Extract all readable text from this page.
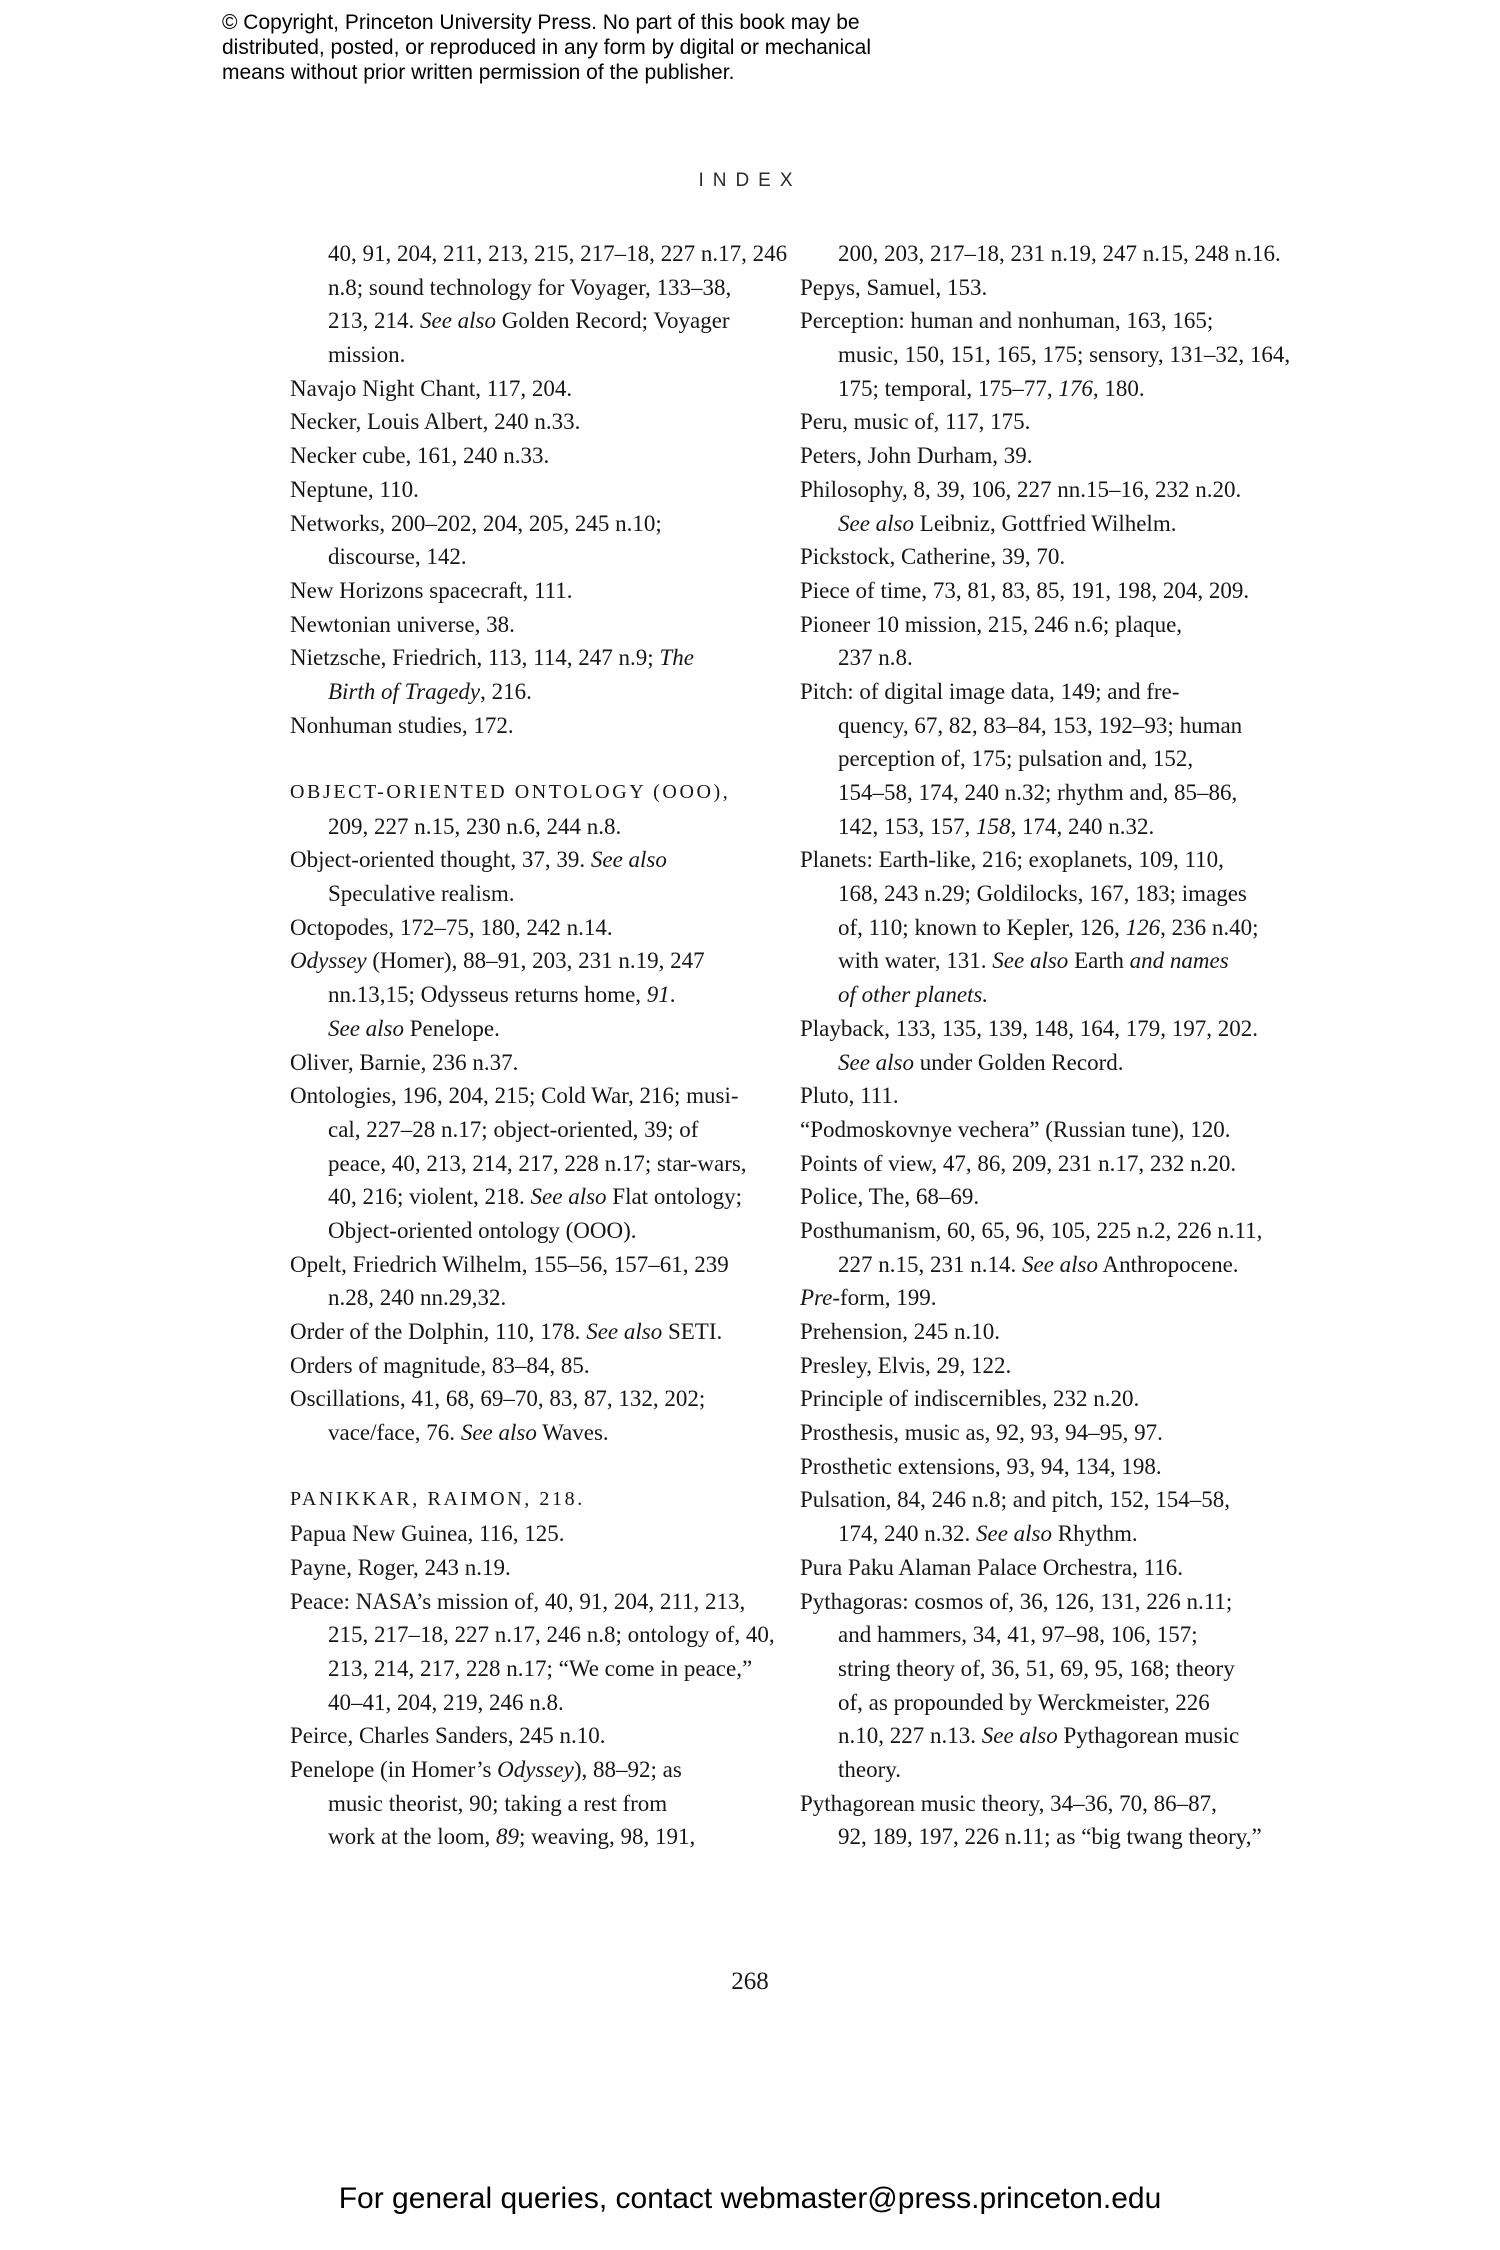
© Copyright, Princeton University Press. No part of this book may be
distributed, posted, or reproduced in any form by digital or mechanical
means without prior written permission of the publisher.
INDEX
40, 91, 204, 211, 213, 215, 217–18, 227 n.17, 246
n.8; sound technology for Voyager, 133–38,
213, 214. See also Golden Record; Voyager
mission.
Navajo Night Chant, 117, 204.
Necker, Louis Albert, 240 n.33.
Necker cube, 161, 240 n.33.
Neptune, 110.
Networks, 200–202, 204, 205, 245 n.10;
discourse, 142.
New Horizons spacecraft, 111.
Newtonian universe, 38.
Nietzsche, Friedrich, 113, 114, 247 n.9; The
Birth of Tragedy, 216.
Nonhuman studies, 172.

OBJECT-ORIENTED ONTOLOGY (OOO),
209, 227 n.15, 230 n.6, 244 n.8.
Object-oriented thought, 37, 39. See also
Speculative realism.
Octopodes, 172–75, 180, 242 n.14.
Odyssey (Homer), 88–91, 203, 231 n.19, 247
nn.13,15; Odysseus returns home, 91.
See also Penelope.
Oliver, Barnie, 236 n.37.
Ontologies, 196, 204, 215; Cold War, 216; musi-
cal, 227–28 n.17; object-oriented, 39; of
peace, 40, 213, 214, 217, 228 n.17; star-wars,
40, 216; violent, 218. See also Flat ontology;
Object-oriented ontology (OOO).
Opelt, Friedrich Wilhelm, 155–56, 157–61, 239
n.28, 240 nn.29,32.
Order of the Dolphin, 110, 178. See also SETI.
Orders of magnitude, 83–84, 85.
Oscillations, 41, 68, 69–70, 83, 87, 132, 202;
vace/face, 76. See also Waves.

PANIKKAR, RAIMON, 218.
Papua New Guinea, 116, 125.
Payne, Roger, 243 n.19.
Peace: NASA’s mission of, 40, 91, 204, 211, 213,
215, 217–18, 227 n.17, 246 n.8; ontology of, 40,
213, 214, 217, 228 n.17; “We come in peace,”
40–41, 204, 219, 246 n.8.
Peirce, Charles Sanders, 245 n.10.
Penelope (in Homer’s Odyssey), 88–92; as
music theorist, 90; taking a rest from
work at the loom, 89; weaving, 98, 191,
200, 203, 217–18, 231 n.19, 247 n.15, 248 n.16.
Pepys, Samuel, 153.
Perception: human and nonhuman, 163, 165;
music, 150, 151, 165, 175; sensory, 131–32, 164,
175; temporal, 175–77, 176, 180.
Peru, music of, 117, 175.
Peters, John Durham, 39.
Philosophy, 8, 39, 106, 227 nn.15–16, 232 n.20.
See also Leibniz, Gottfried Wilhelm.
Pickstock, Catherine, 39, 70.
Piece of time, 73, 81, 83, 85, 191, 198, 204, 209.
Pioneer 10 mission, 215, 246 n.6; plaque,
237 n.8.
Pitch: of digital image data, 149; and fre-
quency, 67, 82, 83–84, 153, 192–93; human
perception of, 175; pulsation and, 152,
154–58, 174, 240 n.32; rhythm and, 85–86,
142, 153, 157, 158, 174, 240 n.32.
Planets: Earth-like, 216; exoplanets, 109, 110,
168, 243 n.29; Goldilocks, 167, 183; images
of, 110; known to Kepler, 126, 126, 236 n.40;
with water, 131. See also Earth and names
of other planets.
Playback, 133, 135, 139, 148, 164, 179, 197, 202.
See also under Golden Record.
Pluto, 111.
“Podmoskovnye vechera” (Russian tune), 120.
Points of view, 47, 86, 209, 231 n.17, 232 n.20.
Police, The, 68–69.
Posthumanism, 60, 65, 96, 105, 225 n.2, 226 n.11,
227 n.15, 231 n.14. See also Anthropocene.
Pre-form, 199.
Prehension, 245 n.10.
Presley, Elvis, 29, 122.
Principle of indiscernibles, 232 n.20.
Prosthesis, music as, 92, 93, 94–95, 97.
Prosthetic extensions, 93, 94, 134, 198.
Pulsation, 84, 246 n.8; and pitch, 152, 154–58,
174, 240 n.32. See also Rhythm.
Pura Paku Alaman Palace Orchestra, 116.
Pythagoras: cosmos of, 36, 126, 131, 226 n.11;
and hammers, 34, 41, 97–98, 106, 157;
string theory of, 36, 51, 69, 95, 168; theory
of, as propounded by Werckmeister, 226
n.10, 227 n.13. See also Pythagorean music
theory.
Pythagorean music theory, 34–36, 70, 86–87,
92, 189, 197, 226 n.11; as “big twang theory,”
268
For general queries, contact webmaster@press.princeton.edu
